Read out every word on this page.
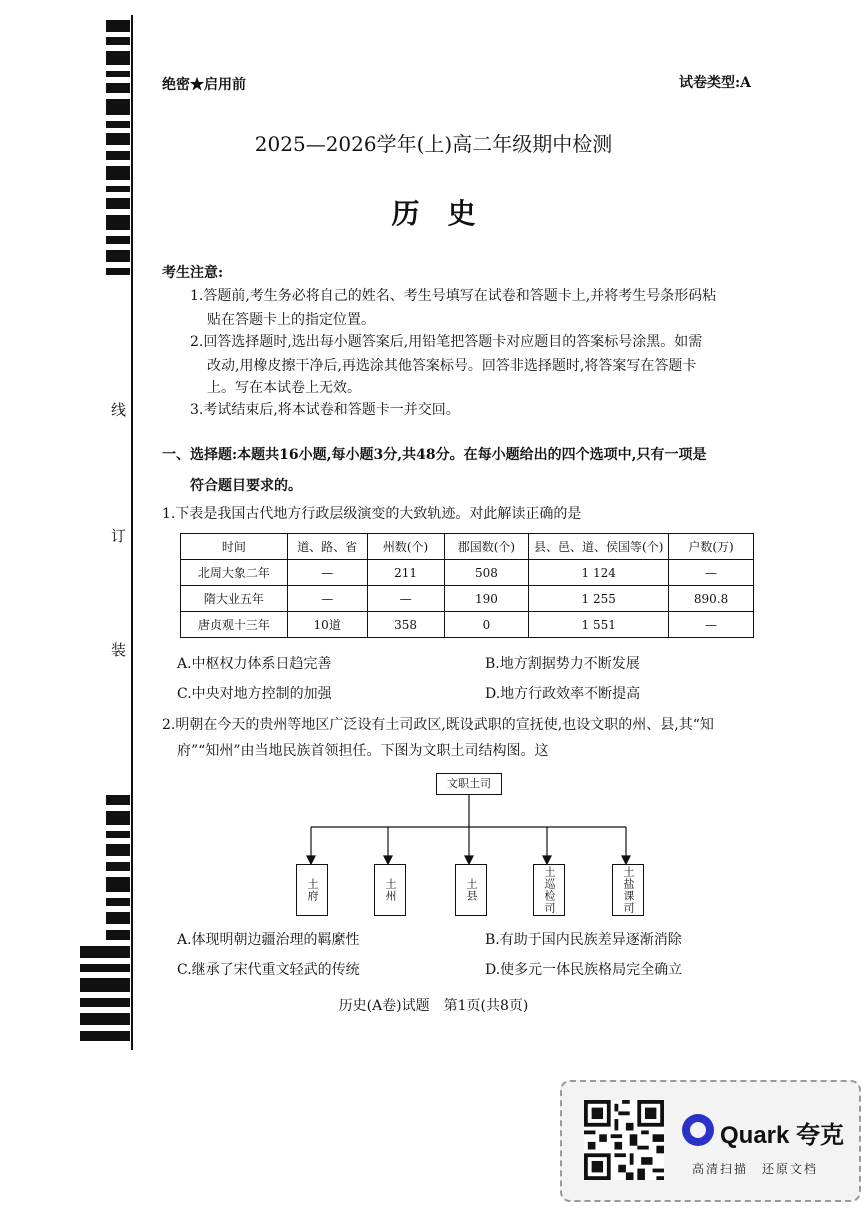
线
订
装
绝密★启用前	试卷类型:A
2025—2026学年(上)高二年级期中检测
历　史
考生注意:
1.答题前,考生务必将自己的姓名、考生号填写在试卷和答题卡上,并将考生号条形码粘
贴在答题卡上的指定位置。
2.回答选择题时,选出每小题答案后,用铅笔把答题卡对应题目的答案标号涂黑。如需
改动,用橡皮擦干净后,再选涂其他答案标号。回答非选择题时,将答案写在答题卡
上。写在本试卷上无效。
3.考试结束后,将本试卷和答题卡一并交回。
一、选择题:本题共16小题,每小题3分,共48分。在每小题给出的四个选项中,只有一项是
符合题目要求的。
1.下表是我国古代地方行政层级演变的大致轨迹。对此解读正确的是
时间	道、路、省	州数(个)	郡国数(个)	县、邑、道、侯国等(个)	户数(万)
北周大象二年	—	211	508	1 124	—
隋大业五年	—	—	190	1 255	890.8
唐贞观十三年	10道	358	0	1 551	—
A.中枢权力体系日趋完善	B.地方割据势力不断发展
C.中央对地方控制的加强	D.地方行政效率不断提高
2.明朝在今天的贵州等地区广泛设有土司政区,既设武职的宣抚使,也设文职的州、县,其“知
府”“知州”由当地民族首领担任。下图为文职土司结构图。这
文职土司
土府	土州	土县	土巡检司	土盐课司
A.体现明朝边疆治理的羁縻性	B.有助于国内民族差异逐渐消除
C.继承了宋代重文轻武的传统	D.使多元一体民族格局完全确立
历史(A卷)试题　第1页(共8页)
Quark 夸克
高清扫描　还原文档
